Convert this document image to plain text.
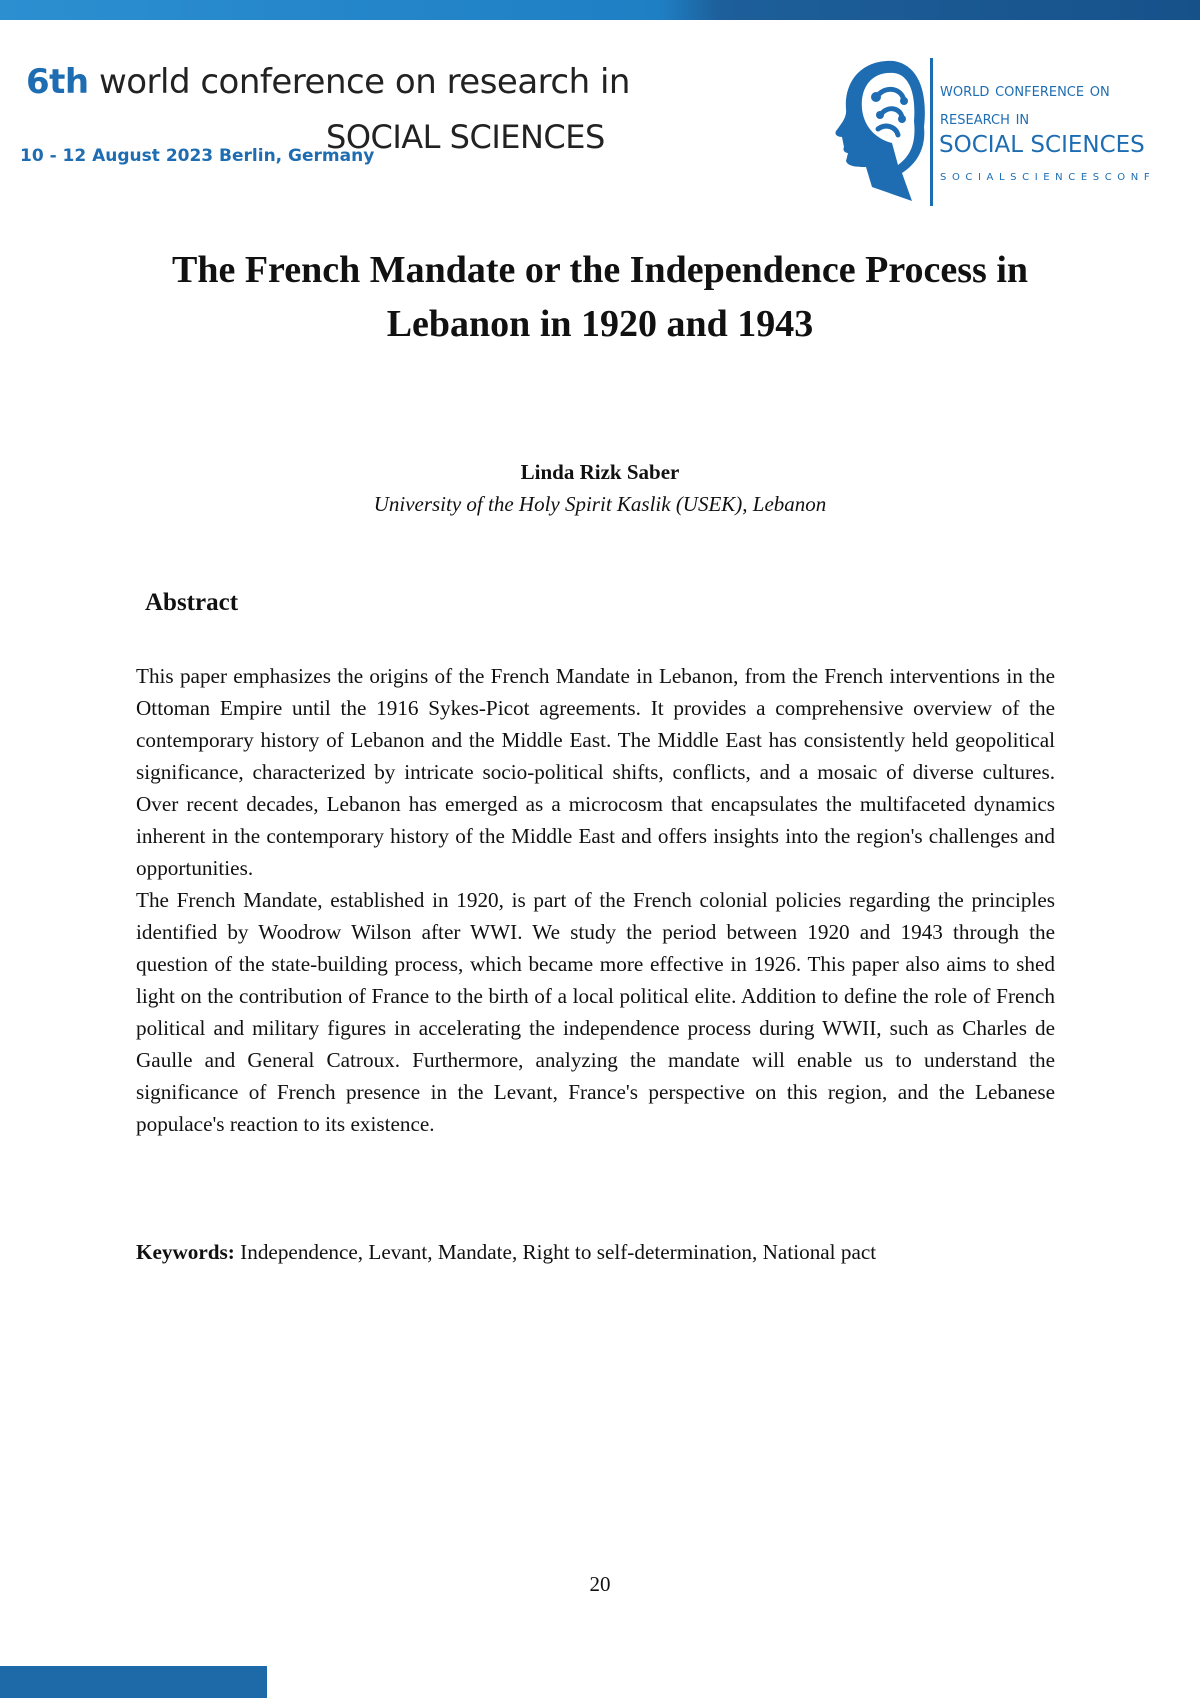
6th world conference on research in
SOCIAL SCIENCES
10 - 12 August 2023 Berlin, Germany
world conference on
research in
SOCIAL SCIENCES
SOCIALSCIENCESCONF
The French Mandate or the Independence Process in Lebanon in 1920 and 1943
Linda Rizk Saber
University of the Holy Spirit Kaslik (USEK), Lebanon
Abstract

This paper emphasizes the origins of the French Mandate in Lebanon, from the French interventions in the Ottoman Empire until the 1916 Sykes-Picot agreements. It provides a comprehensive overview of the contemporary history of Lebanon and the Middle East. The Middle East has consistently held geopolitical significance, characterized by intricate socio-political shifts, conflicts, and a mosaic of diverse cultures. Over recent decades, Lebanon has emerged as a microcosm that encapsulates the multifaceted dynamics inherent in the contemporary history of the Middle East and offers insights into the region's challenges and opportunities.

The French Mandate, established in 1920, is part of the French colonial policies regarding the principles identified by Woodrow Wilson after WWI. We study the period between 1920 and 1943 through the question of the state-building process, which became more effective in 1926. This paper also aims to shed light on the contribution of France to the birth of a local political elite. Addition to define the role of French political and military figures in accelerating the independence process during WWII, such as Charles de Gaulle and General Catroux. Furthermore, analyzing the mandate will enable us to understand the significance of French presence in the Levant, France's perspective on this region, and the Lebanese populace's reaction to its existence.

Keywords: Independence, Levant, Mandate, Right to self-determination, National pact

20
